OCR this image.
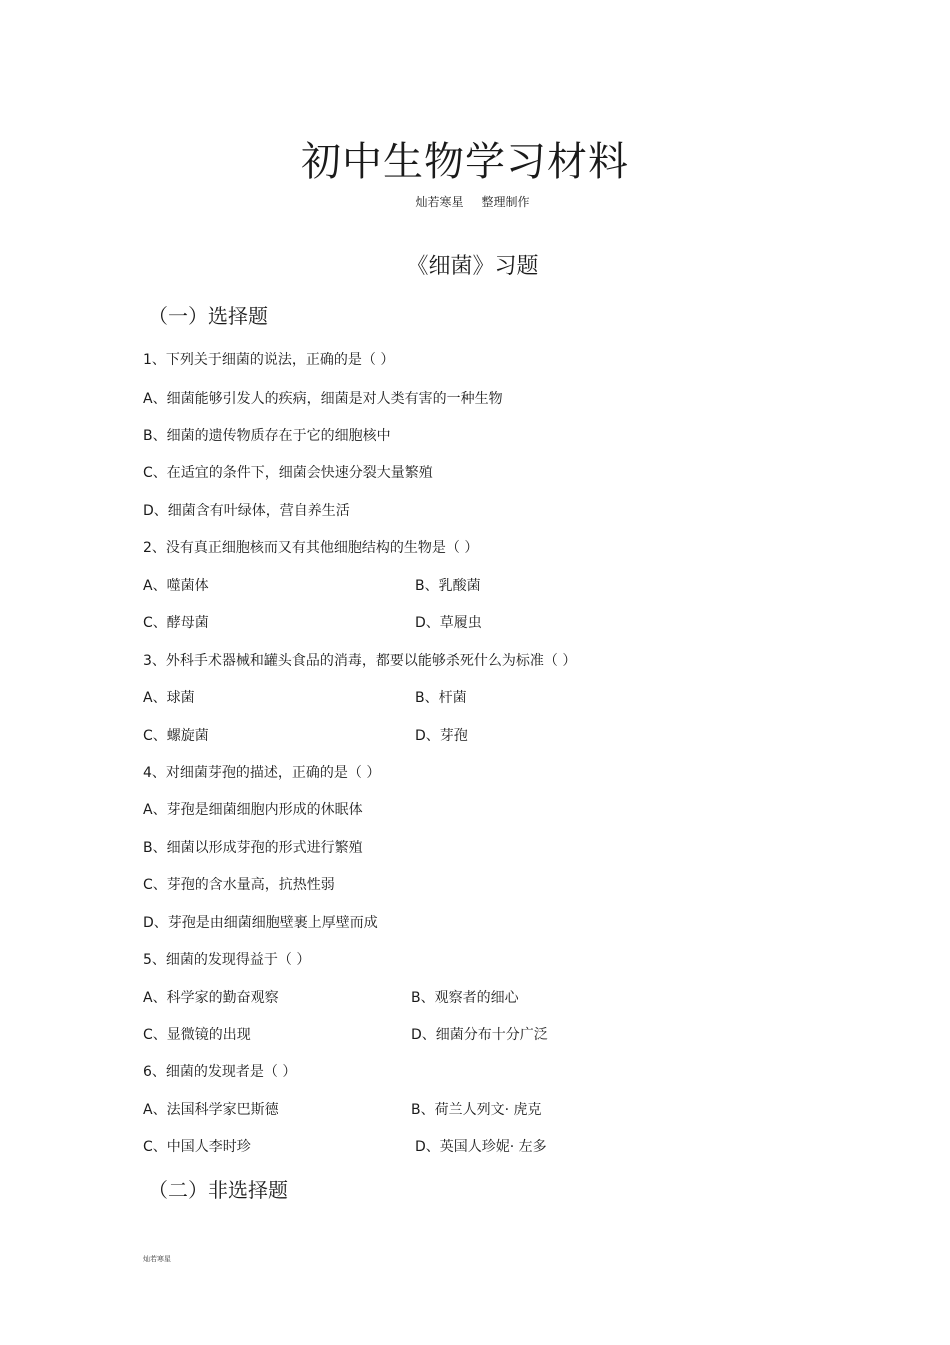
初中生物学习材料
灿若寒星 整理制作
《细菌》习题
（一）选择题
1、下列关于细菌的说法，正确的是（ ）
A、细菌能够引发人的疾病，细菌是对人类有害的一种生物
B、细菌的遗传物质存在于它的细胞核中
C、在适宜的条件下，细菌会快速分裂大量繁殖
D、细菌含有叶绿体，营自养生活
2、没有真正细胞核而又有其他细胞结构的生物是（ ）
A、噬菌体	B、乳酸菌
C、酵母菌	D、草履虫
3、外科手术器械和罐头食品的消毒，都要以能够杀死什么为标准（ ）
A、球菌	B、杆菌
C、螺旋菌	D、芽孢
4、对细菌芽孢的描述，正确的是（ ）
A、芽孢是细菌细胞内形成的休眠体
B、细菌以形成芽孢的形式进行繁殖
C、芽孢的含水量高，抗热性弱
D、芽孢是由细菌细胞壁裹上厚壁而成
5、细菌的发现得益于（ ）
A、科学家的勤奋观察	B、观察者的细心
C、显微镜的出现	D、细菌分布十分广泛
6、细菌的发现者是（ ）
A、法国科学家巴斯德	B、荷兰人列文· 虎克
C、中国人李时珍	D、英国人珍妮· 左多
（二）非选择题
灿若寒星
